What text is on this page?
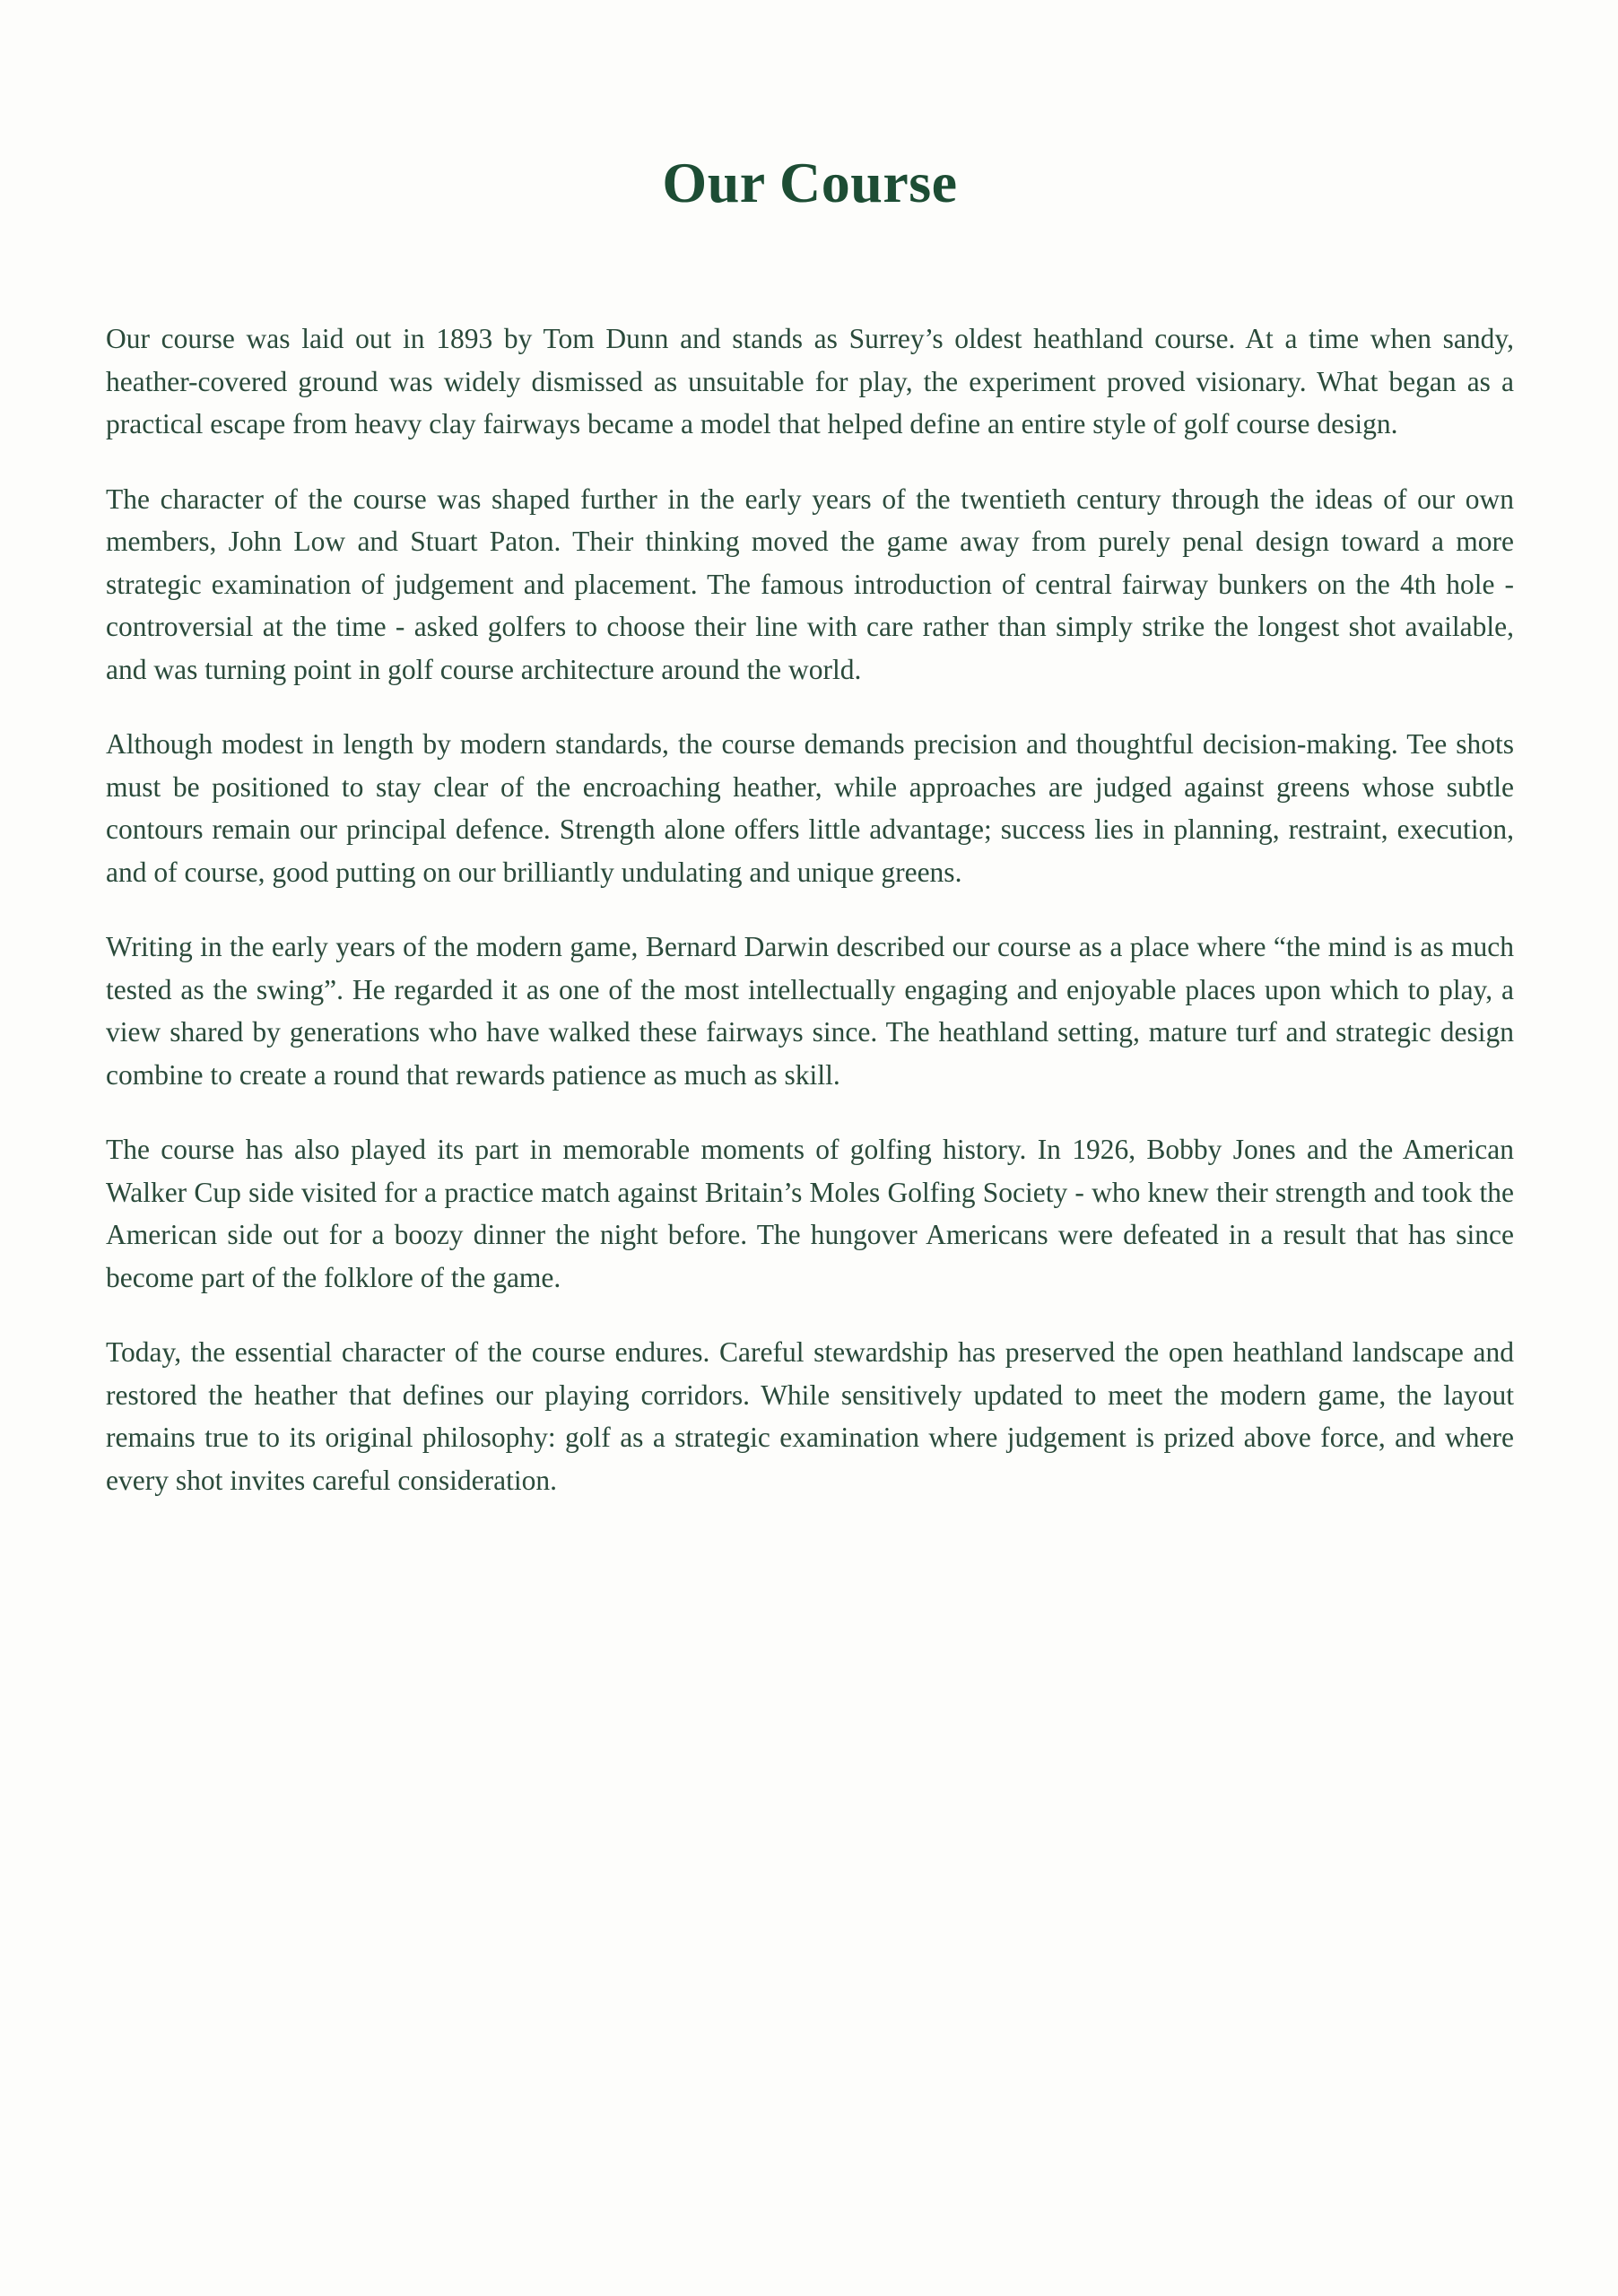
Our Course

Our course was laid out in 1893 by Tom Dunn and stands as Surrey’s oldest heathland course. At a time when sandy, heather-covered ground was widely dismissed as unsuitable for play, the experiment proved visionary. What began as a practical escape from heavy clay fairways became a model that helped define an entire style of golf course design.

The character of the course was shaped further in the early years of the twentieth century through the ideas of our own members, John Low and Stuart Paton. Their thinking moved the game away from purely penal design toward a more strategic examination of judgement and placement. The famous introduction of central fairway bunkers on the 4th hole - controversial at the time - asked golfers to choose their line with care rather than simply strike the longest shot available, and was turning point in golf course architecture around the world.

Although modest in length by modern standards, the course demands precision and thoughtful decision-making. Tee shots must be positioned to stay clear of the encroaching heather, while approaches are judged against greens whose subtle contours remain our principal defence. Strength alone offers little advantage; success lies in planning, restraint, execution, and of course, good putting on our brilliantly undulating and unique greens.

Writing in the early years of the modern game, Bernard Darwin described our course as a place where “the mind is as much tested as the swing”. He regarded it as one of the most intellectually engaging and enjoyable places upon which to play, a view shared by generations who have walked these fairways since. The heathland setting, mature turf and strategic design combine to create a round that rewards patience as much as skill.

The course has also played its part in memorable moments of golfing history. In 1926, Bobby Jones and the American Walker Cup side visited for a practice match against Britain’s Moles Golfing Society - who knew their strength and took the American side out for a boozy dinner the night before. The hungover Americans were defeated in a result that has since become part of the folklore of the game.

Today, the essential character of the course endures. Careful stewardship has preserved the open heathland landscape and restored the heather that defines our playing corridors. While sensitively updated to meet the modern game, the layout remains true to its original philosophy: golf as a strategic examination where judgement is prized above force, and where every shot invites careful consideration.
